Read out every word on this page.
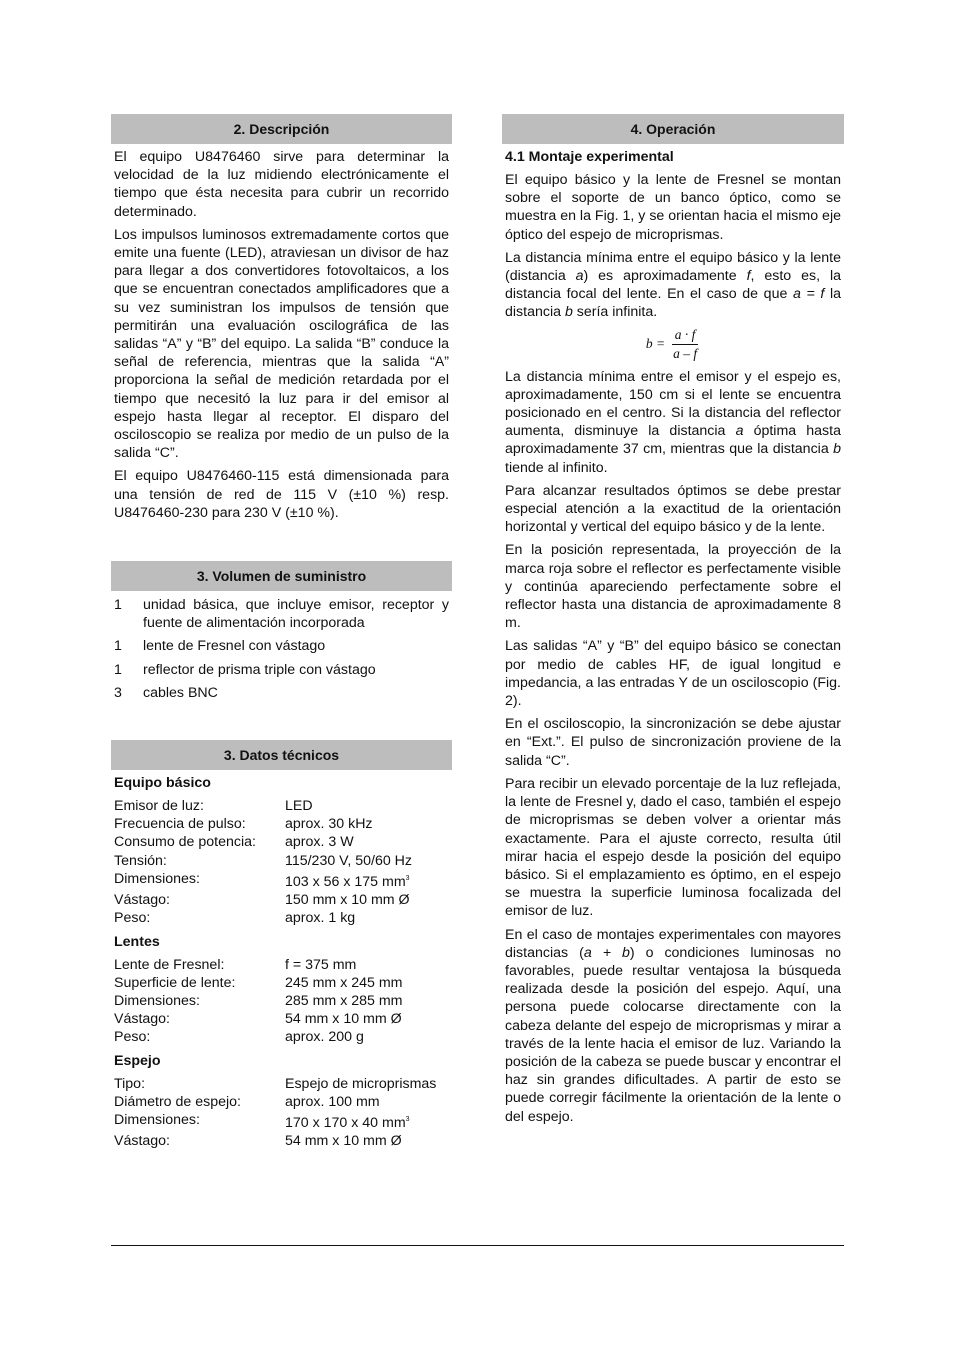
2. Descripción

El equipo U8476460 sirve para determinar la velocidad de la luz midiendo electrónicamente el tiempo que ésta necesita para cubrir un recorrido determinado.

Los impulsos luminosos extremadamente cortos que emite una fuente (LED), atraviesan un divisor de haz para llegar a dos convertidores fotovoltaicos, a los que se encuentran conectados amplificadores que a su vez suministran los impulsos de tensión que permitirán una evaluación oscilográfica de las salidas “A” y “B” del equipo. La salida “B” conduce la señal de referencia, mientras que la salida “A” proporciona la señal de medición retardada por el tiempo que necesitó la luz para ir del emisor al espejo hasta llegar al receptor. El disparo del osciloscopio se realiza por medio de un pulso de la salida “C”.

El equipo U8476460-115 está dimensionada para una tensión de red de 115 V (±10 %) resp. U8476460-230 para 230 V (±10 %).

3. Volumen de suministro
1	unidad básica, que incluye emisor, receptor y fuente de alimentación incorporada
1	lente de Fresnel con vástago
1	reflector de prisma triple con vástago
3	cables BNC
3. Datos técnicos
Equipo básico
Emisor de luz:	LED
Frecuencia de pulso:	aprox. 30 kHz
Consumo de potencia:	aprox. 3 W
Tensión:	115/230 V, 50/60 Hz
Dimensiones:	103 x 56 x 175 $mm^3$
Vástago:	150 mm x 10 mm Ø
Peso:	aprox. 1 kg
Lentes
Lente de Fresnel:	f = 375 mm
Superficie de lente:	245 mm x 245 mm
Dimensiones:	285 mm x 285 mm
Vástago:	54 mm x 10 mm Ø
Peso:	aprox. 200 g
Espejo
Tipo:	Espejo de microprismas
Diámetro de espejo:	aprox. 100 mm
Dimensiones:	170 x 170 x 40 $mm^3$
Vástago:	54 mm x 10 mm Ø
4. Operación
4.1 Montaje experimental

El equipo básico y la lente de Fresnel se montan sobre el soporte de un banco óptico, como se muestra en la Fig. 1, y se orientan hacia el mismo eje óptico del espejo de microprismas.

La distancia mínima entre el equipo básico y la lente (distancia a) es aproximadamente f, esto es, la distancia focal del lente. En el caso de que a = f la distancia b sería infinita.

$b = \frac{a \cdot f}{a - f}$

La distancia mínima entre el emisor y el espejo es, aproximadamente, 150 cm si el lente se encuentra posicionado en el centro. Si la distancia del reflector aumenta, disminuye la distancia a óptima hasta aproximadamente 37 cm, mientras que la distancia b tiende al infinito.

Para alcanzar resultados óptimos se debe prestar especial atención a la exactitud de la orientación horizontal y vertical del equipo básico y de la lente.

En la posición representada, la proyección de la marca roja sobre el reflector es perfectamente visible y continúa apareciendo perfectamente sobre el reflector hasta una distancia de aproximadamente 8 m.

Las salidas “A” y “B” del equipo básico se conectan por medio de cables HF, de igual longitud e impedancia, a las entradas Y de un osciloscopio (Fig. 2).

En el osciloscopio, la sincronización se debe ajustar en “Ext.”. El pulso de sincronización proviene de la salida “C”.

Para recibir un elevado porcentaje de la luz reflejada, la lente de Fresnel y, dado el caso, también el espejo de microprismas se deben volver a orientar más exactamente. Para el ajuste correcto, resulta útil mirar hacia el espejo desde la posición del equipo básico. Si el emplazamiento es óptimo, en el espejo se muestra la superficie luminosa focalizada del emisor de luz.

En el caso de montajes experimentales con mayores distancias (a + b) o condiciones luminosas no favorables, puede resultar ventajosa la búsqueda realizada desde la posición del espejo. Aquí, una persona puede colocarse directamente con la cabeza delante del espejo de microprismas y mirar a través de la lente hacia el emisor de luz. Variando la posición de la cabeza se puede buscar y encontrar el haz sin grandes dificultades. A partir de esto se puede corregir fácilmente la orientación de la lente o del espejo.
